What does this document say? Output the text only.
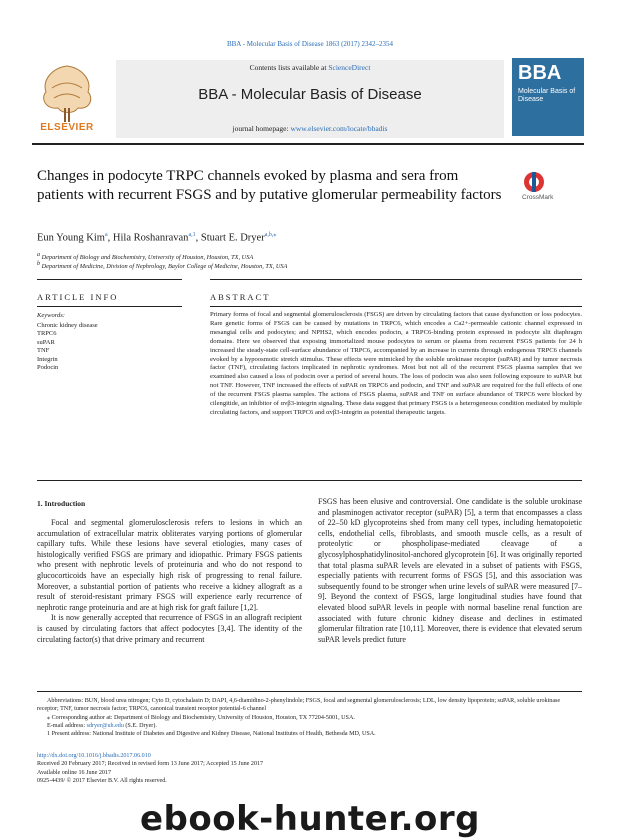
BBA - Molecular Basis of Disease 1863 (2017) 2342–2354
ELSEVIER
Contents lists available at ScienceDirect
BBA - Molecular Basis of Disease
journal homepage: www.elsevier.com/locate/bbadis
BBA
Molecular Basis of Disease
Changes in podocyte TRPC channels evoked by plasma and sera from patients with recurrent FSGS and by putative glomerular permeability factors	CrossMark
Eun Young Kim$^a$, Hila Roshanravan$^{a,1}$, Stuart E. Dryer$^{a,b,⁎}$
$^a$ Department of Biology and Biochemistry, University of Houston, Houston, TX, USA
$^b$ Department of Medicine, Division of Nephrology, Baylor College of Medicine, Houston, TX, USA
ARTICLE INFO	ABSTRACT
Keywords:
Chronic kidney disease
TRPC6
suPAR
TNF
Integrin
Podocin
Primary forms of focal and segmental glomerulosclerosis (FSGS) are driven by circulating factors that cause dysfunction or loss podocytes. Rare genetic forms of FSGS can be caused by mutations in TRPC6, which encodes a Ca2+-permeable cationic channel expressed in mesangial cells and podocytes; and NPHS2, which encodes podocin, a TRPC6-binding protein expressed in podocyte slit diaphragm domains. Here we observed that exposing immortalized mouse podocytes to serum or plasma from recurrent FSGS patients for 24 h increased the steady-state cell-surface abundance of TRPC6, accompanied by an increase in currents through endogenous TRPC6 channels evoked by a hypoosmotic stretch stimulus. These effects were mimicked by the soluble urokinase receptor (suPAR) and by tumor necrosis factor (TNF), circulating factors implicated in nephrotic syndromes. Most but not all of the recurrent FSGS plasma samples that we examined also caused a loss of podocin over a period of several hours. The loss of podocin was also seen following exposure to suPAR but not TNF. However, TNF increased the effects of suPAR on TRPC6 and podocin, and TNF and suPAR are required for the full effects of one of the recurrent FSGS plasma samples. The actions of FSGS plasma, suPAR and TNF on surface abundance of TRPC6 were blocked by cilengitide, an inhibitor of αvβ3-integrin signaling. These data suggest that primary FSGS is a heterogeneous condition mediated by multiple circulating factors, and support TRPC6 and αvβ3-integrin as potential therapeutic targets.
1. Introduction

Focal and segmental glomerulosclerosis refers to lesions in which an accumulation of extracellular matrix obliterates varying portions of glomerular capillary tufts. While these lesions have several etiologies, many cases of histologically verified FSGS are primary and idiopathic. Primary FSGS patients who present with nephrotic levels of proteinuria and who do not respond to glucocorticoids have an especially high risk of progressing to renal failure. Moreover, a substantial portion of patients who receive a kidney allograft as a result of steroid-resistant primary FSGS will experience early recurrence of nephrotic range proteinuria and are at high risk for graft failure [1,2].

It is now generally accepted that recurrence of FSGS in an allograft recipient is caused by circulating factors that affect podocytes [3,4]. The identity of the circulating factor(s) that drive primary and recurrent

FSGS has been elusive and controversial. One candidate is the soluble urokinase and plasminogen activator receptor (suPAR) [5], a term that encompasses a class of 22–50 kD glycoproteins shed from many cell types, including hematopoietic cells, endothelial cells, fibroblasts, and smooth muscle cells, as a result of proteolytic or phospholipase-mediated cleavage of a glycosylphosphatidylinositol-anchored glycoprotein [6]. It was originally reported that total plasma suPAR levels are elevated in a subset of patients with FSGS, especially patients with recurrent forms of FSGS [5], and this association was subsequently found to be stronger when urine levels of suPAR were measured [7–9]. Beyond the context of FSGS, large longitudinal studies have found that elevated blood suPAR levels in people with normal baseline renal function are associated with future chronic kidney disease and declines in estimated glomerular filtration rate [10,11]. Moreover, there is evidence that elevated serum suPAR levels predict future

Abbreviations: BUN, blood urea nitrogen; Cyto D, cytochalasin D; DAPI, 4,6-diamidino-2-phenylindole; FSGS, focal and segmental glomerulosclerosis; LDL, low density lipoprotein; suPAR, soluble urokinase receptor; TNF, tumor necrosis factor; TRPC6, canonical transient receptor potential-6 channel
⁎ Corresponding author at: Department of Biology and Biochemistry, University of Houston, Houston, TX 77204-5001, USA.
E-mail address: sdryer@uh.edu (S.E. Dryer).
1 Present address: National Institute of Diabetes and Digestive and Kidney Disease, National Institutes of Health, Bethesda MD, USA.
http://dx.doi.org/10.1016/j.bbadis.2017.06.010
Received 20 February 2017; Received in revised form 13 June 2017; Accepted 15 June 2017
Available online 16 June 2017
0925-4439/ © 2017 Elsevier B.V. All rights reserved.
ebook-hunter.org
